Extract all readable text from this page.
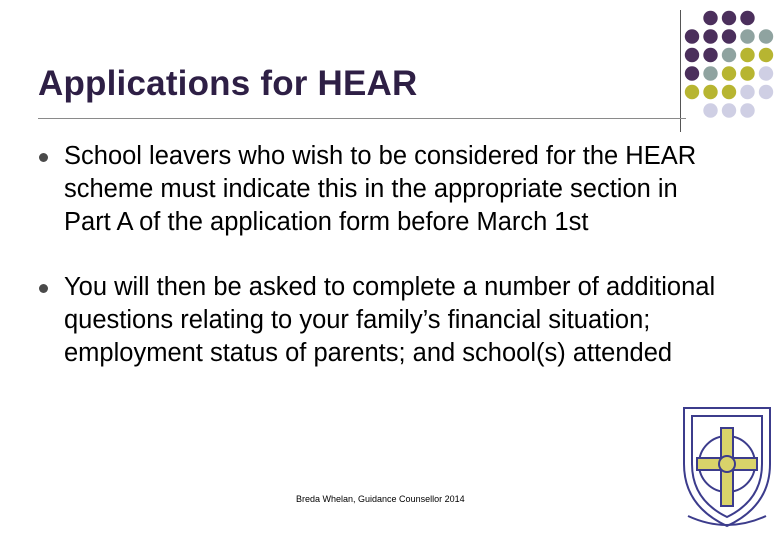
Applications for HEAR
School leavers who wish to be considered for the HEAR scheme must indicate this in the appropriate section in Part A of the application form before March 1st
You will then be asked to complete a number of additional questions relating to your family’s financial situation; employment status of parents; and school(s) attended
Breda Whelan, Guidance Counsellor 2014
